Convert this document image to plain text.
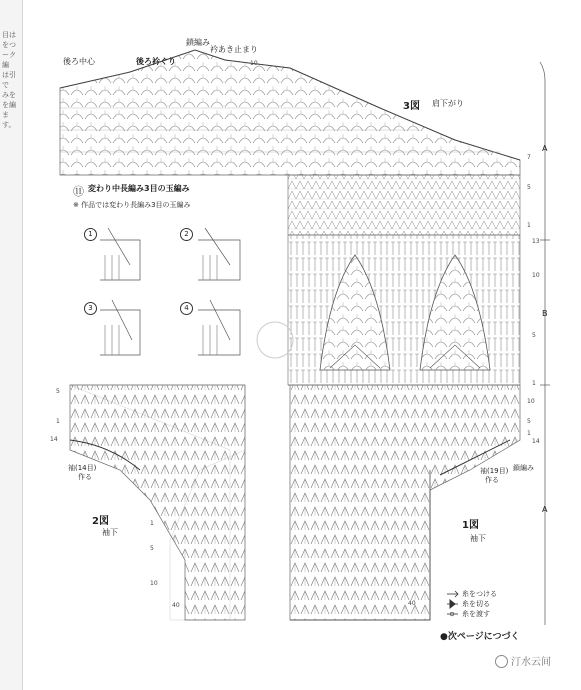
目は
をつ
ーク
編
は引
で
みを
を編
ます。
後ろ中心	後ろ衿ぐり
鎖編み
衿あき止まり
10
3図 肩下がり
⑪ 変わり中長編み3目の玉編み
※ 作品では変わり長編み3目の玉編み
1	2
3	4
A
B
A
7
5
1
13
10
5
1
14
10
5
1
5
1
14
10
5
1
40	40
袖(14目)
作る
袖(19目)
作る
鎖編み
2図
袖下
1図
袖下
糸をつける
糸を切る
糸を渡す
●次ページにつづく
汀水云间
